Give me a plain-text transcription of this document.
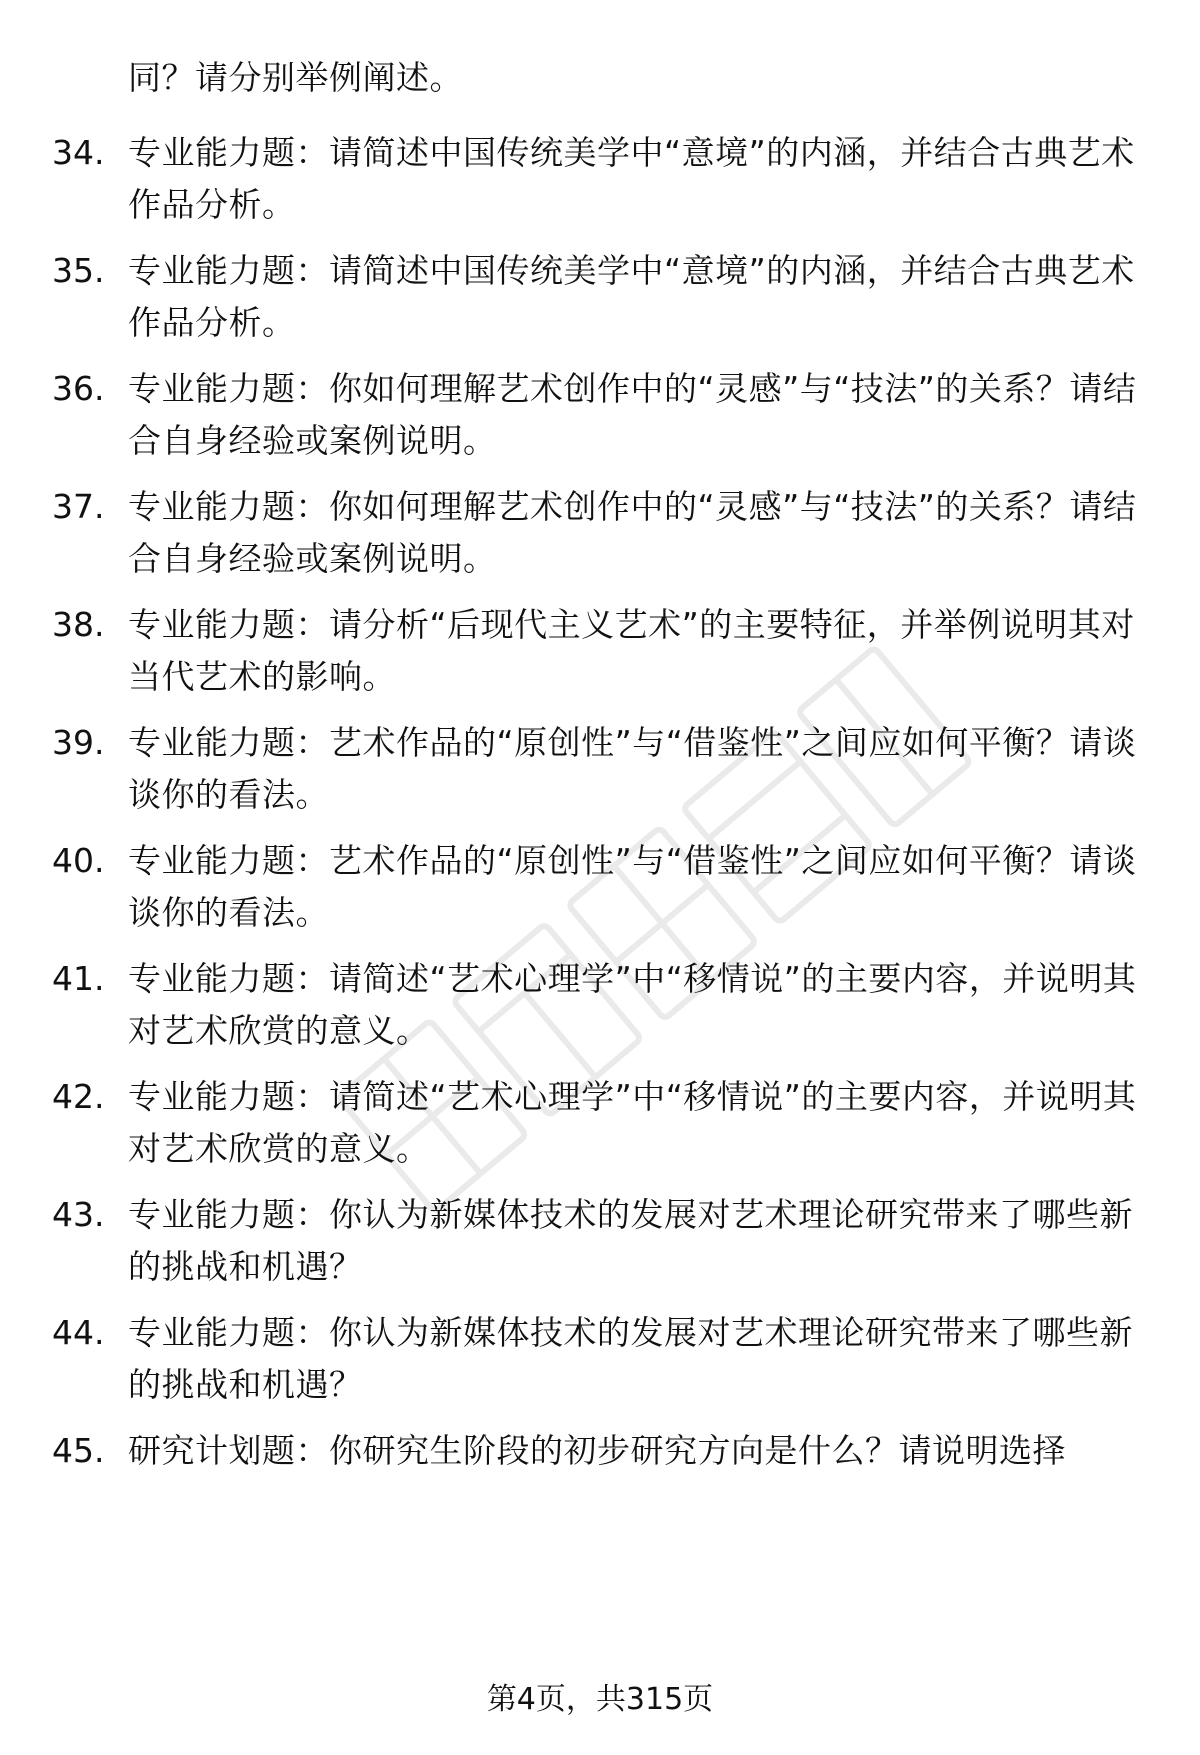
同？请分别举例阐述。
34. 专业能力题：请简述中国传统美学中“意境”的内涵，并结合古典艺术作品分析。
35. 专业能力题：请简述中国传统美学中“意境”的内涵，并结合古典艺术作品分析。
36. 专业能力题：你如何理解艺术创作中的“灵感”与“技法”的关系？请结合自身经验或案例说明。
37. 专业能力题：你如何理解艺术创作中的“灵感”与“技法”的关系？请结合自身经验或案例说明。
38. 专业能力题：请分析“后现代主义艺术”的主要特征，并举例说明其对当代艺术的影响。
39. 专业能力题：艺术作品的“原创性”与“借鉴性”之间应如何平衡？请谈谈你的看法。
40. 专业能力题：艺术作品的“原创性”与“借鉴性”之间应如何平衡？请谈谈你的看法。
41. 专业能力题：请简述“艺术心理学”中“移情说”的主要内容，并说明其对艺术欣赏的意义。
42. 专业能力题：请简述“艺术心理学”中“移情说”的主要内容，并说明其对艺术欣赏的意义。
43. 专业能力题：你认为新媒体技术的发展对艺术理论研究带来了哪些新的挑战和机遇？
44. 专业能力题：你认为新媒体技术的发展对艺术理论研究带来了哪些新的挑战和机遇？
45. 研究计划题：你研究生阶段的初步研究方向是什么？请说明选择
第4页，共315页
